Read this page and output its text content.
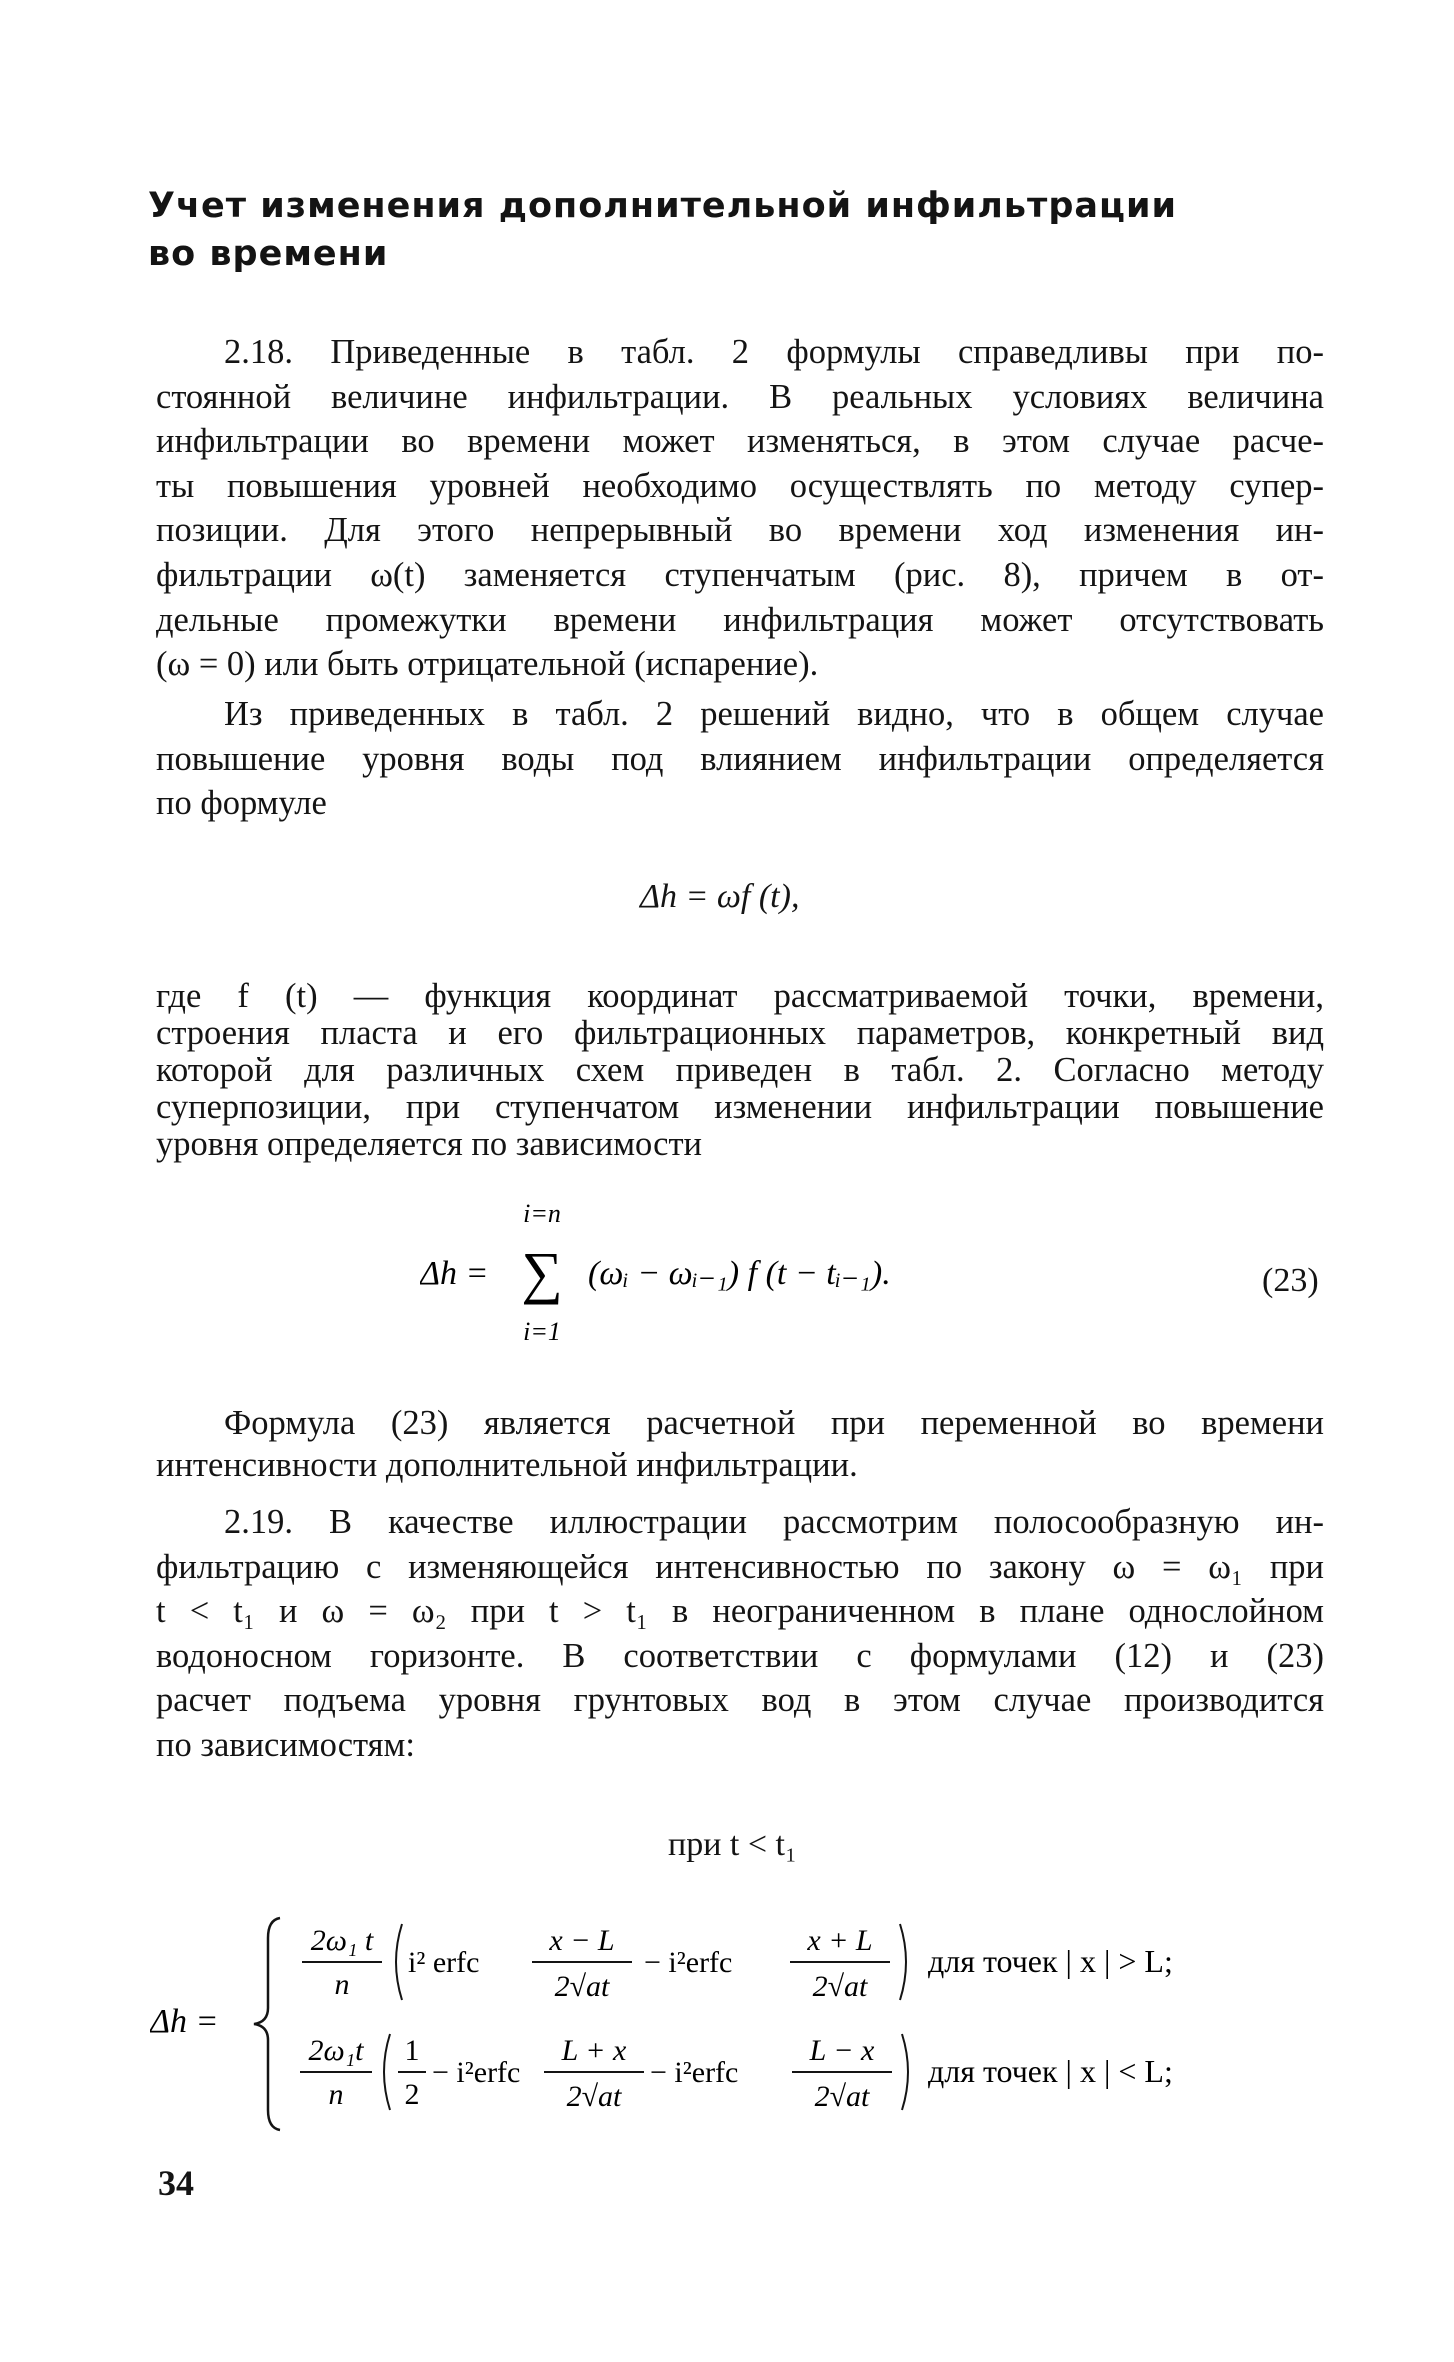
Учет изменения дополнительной инфильтрации
во времени
2.18. Приведенные в табл. 2 формулы справедливы при по-
стоянной величине инфильтрации. В реальных условиях величина
инфильтрации во времени может изменяться, в этом случае расче-
ты повышения уровней необходимо осуществлять по методу супер-
позиции. Для этого непрерывный во времени ход изменения ин-
фильтрации ω(t) заменяется ступенчатым (рис. 8), причем в от-
дельные промежутки времени инфильтрация может отсутствовать
(ω = 0) или быть отрицательной (испарение).
Из приведенных в табл. 2 решений видно, что в общем случае
повышение уровня воды под влиянием инфильтрации определяется
по формуле
Δh = ωf (t),
где f (t) — функция координат рассматриваемой точки, времени,
строения пласта и его фильтрационных параметров, конкретный вид
которой для различных схем приведен в табл. 2. Согласно методу
суперпозиции, при ступенчатом изменении инфильтрации повышение
уровня определяется по зависимости
i=n
Δh = ∑ (ωᵢ − ωᵢ₋₁) f (t − tᵢ₋₁).
i=1
(23)
Формула (23) является расчетной при переменной во времени
интенсивности дополнительной инфильтрации.
2.19. В качестве иллюстрации рассмотрим полосообразную ин-
фильтрацию с изменяющейся интенсивностью по закону ω = ω₁ при
t < t₁ и ω = ω₂ при t > t₁ в неограниченном в плане однослойном
водоносном горизонте. В соответствии с формулами (12) и (23)
расчет подъема уровня грунтовых вод в этом случае производится
по зависимостям:
при t < t₁
Δh =
2ω₁ t
n
i² erfc
x − L
2√at
− i²erfc
x + L
2√at
для точек | x | > L;
2ω₁t
n
1
2
− i²erfc
L + x
2√at
− i²erfc
L − x
2√at
для точек | x | < L;
34
